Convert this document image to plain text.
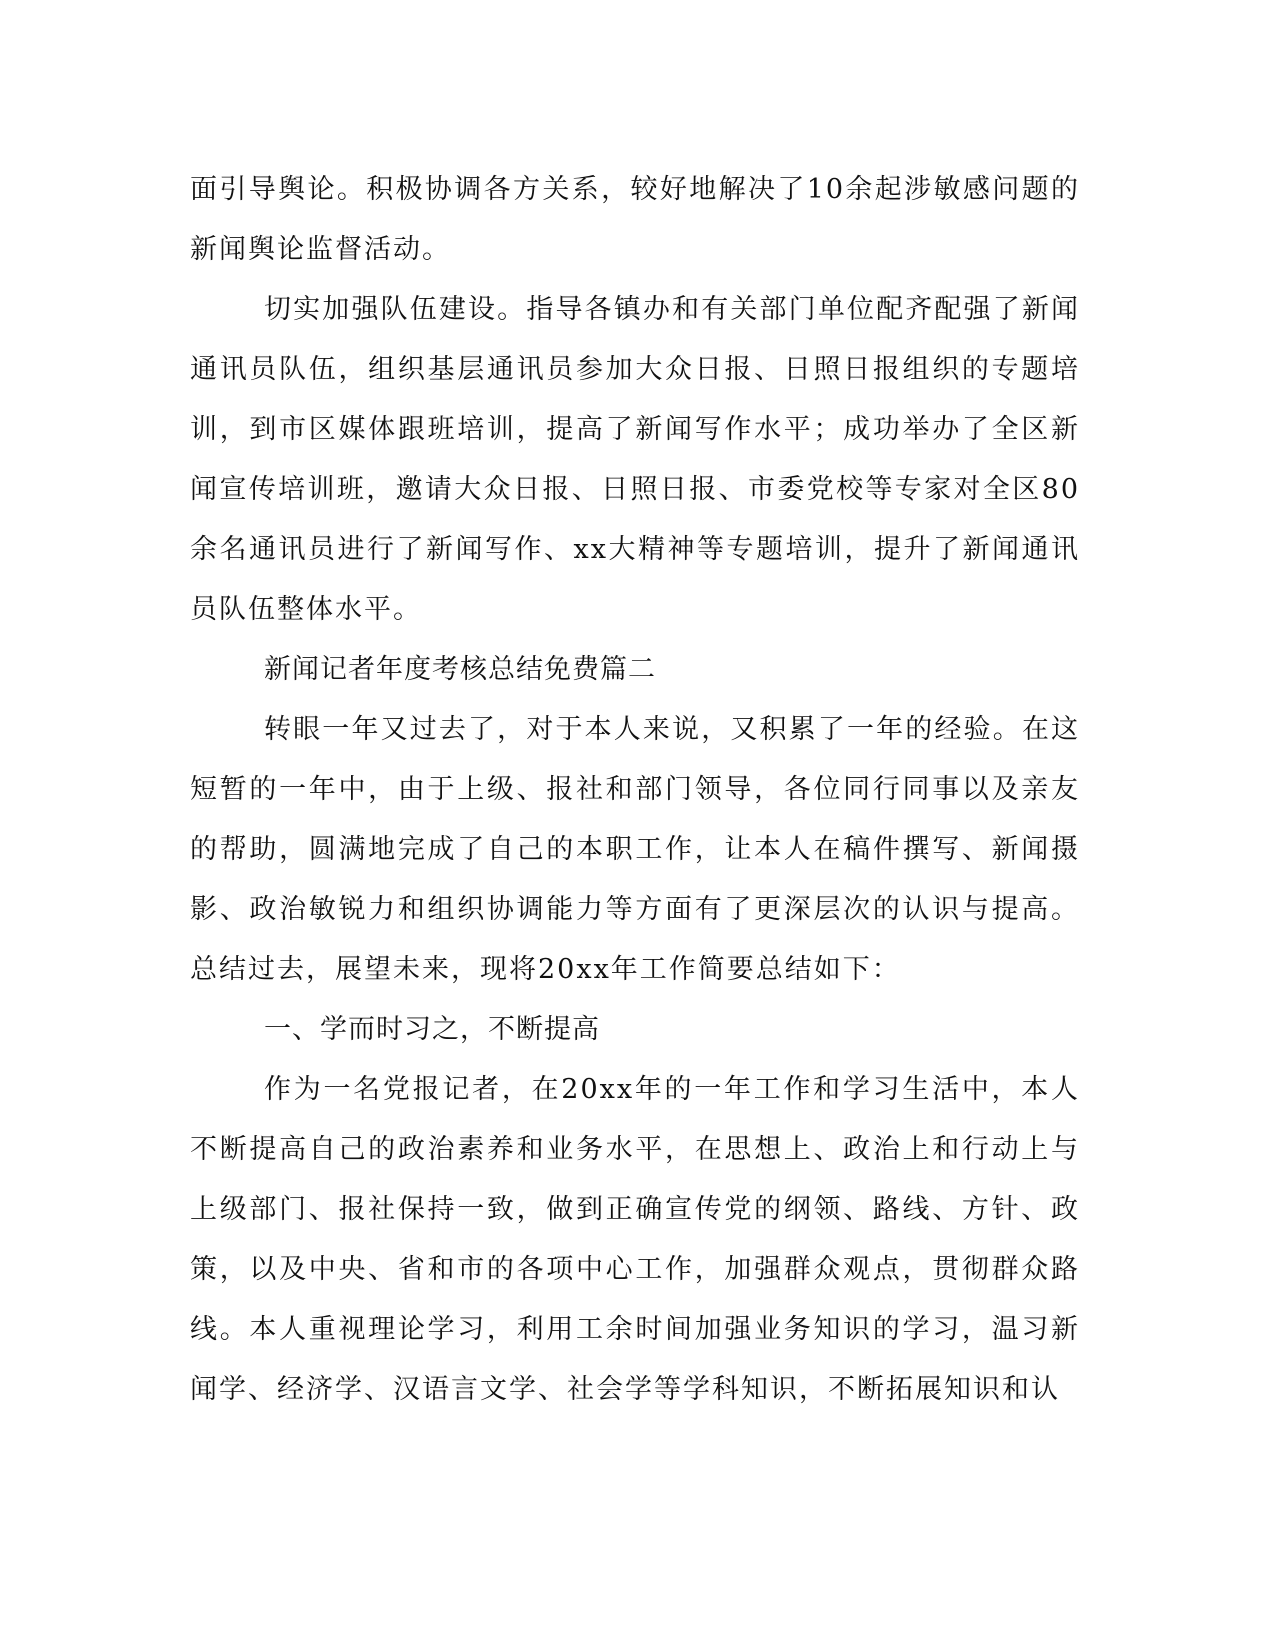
面引导舆论。积极协调各方关系，较好地解决了10余起涉敏感问题的新闻舆论监督活动。

切实加强队伍建设。指导各镇办和有关部门单位配齐配强了新闻通讯员队伍，组织基层通讯员参加大众日报、日照日报组织的专题培训，到市区媒体跟班培训，提高了新闻写作水平；成功举办了全区新闻宣传培训班，邀请大众日报、日照日报、市委党校等专家对全区80余名通讯员进行了新闻写作、xx大精神等专题培训，提升了新闻通讯员队伍整体水平。

新闻记者年度考核总结免费篇二

转眼一年又过去了，对于本人来说，又积累了一年的经验。在这短暂的一年中，由于上级、报社和部门领导，各位同行同事以及亲友的帮助，圆满地完成了自己的本职工作，让本人在稿件撰写、新闻摄影、政治敏锐力和组织协调能力等方面有了更深层次的认识与提高。总结过去，展望未来，现将20xx年工作简要总结如下：

一、学而时习之，不断提高

作为一名党报记者，在20xx年的一年工作和学习生活中，本人不断提高自己的政治素养和业务水平，在思想上、政治上和行动上与上级部门、报社保持一致，做到正确宣传党的纲领、路线、方针、政策，以及中央、省和市的各项中心工作，加强群众观点，贯彻群众路线。本人重视理论学习，利用工余时间加强业务知识的学习，温习新闻学、经济学、汉语言文学、社会学等学科知识，不断拓展知识和认
